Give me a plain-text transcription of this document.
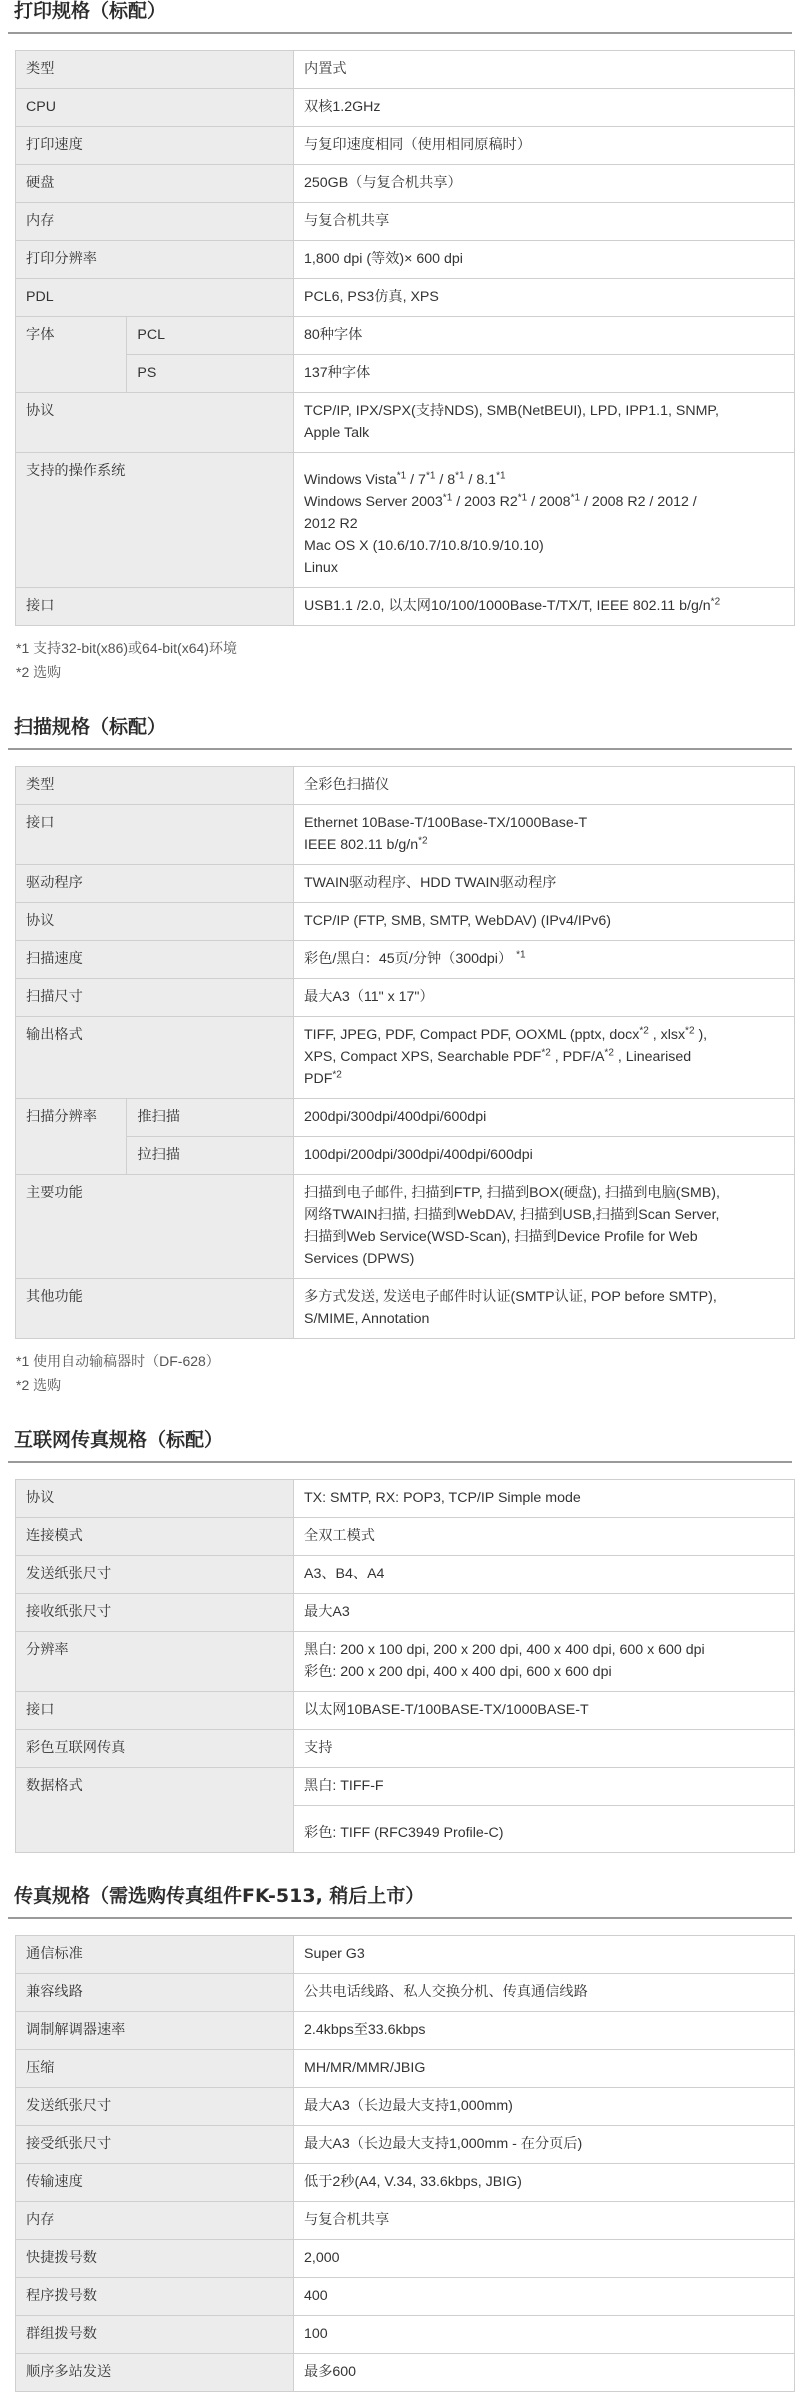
打印规格（标配）
类型		内置式
CPU		双核1.2GHz
打印速度		与复印速度相同（使用相同原稿时）
硬盘		250GB（与复合机共享）
内存		与复合机共享
打印分辨率		1,800 dpi (等效)× 600 dpi
PDL		PCL6, PS3仿真, XPS
字体	PCL	80种字体
	PS	137种字体
协议		TCP/IP, IPX/SPX(支持NDS), SMB(NetBEUI), LPD, IPP1.1, SNMP,
Apple Talk
支持的操作系统		Windows Vista$^{*1}$ / 7$^{*1}$ / 8$^{*1}$ / 8.1$^{*1}$
Windows Server 2003$^{*1}$ / 2003 R2$^{*1}$ / 2008$^{*1}$ / 2008 R2 / 2012 /
2012 R2
Mac OS X (10.6/10.7/10.8/10.9/10.10)
Linux
接口		USB1.1 /2.0, 以太网10/100/1000Base-T/TX/T, IEEE 802.11 $b/g/n^{*2}$
*1 支持32-bit(x86)或64-bit(x64)环境
*2 选购
扫描规格（标配）
类型		全彩色扫描仪
接口		Ethernet 10Base-T/100Base-TX/1000Base-T
IEEE 802.11 $b/g/n^{*2}$
驱动程序		TWAIN驱动程序、HDD TWAIN驱动程序
协议		TCP/IP (FTP, SMB, SMTP, WebDAV) (IPv4/IPv6)
扫描速度		彩色/黑白：45页/分钟（300dpi） $^{*1}$
扫描尺寸		最大A3（11" x 17"）
输出格式		TIFF, JPEG, PDF, Compact PDF, OOXML (pptx, docx$^{*2}$ , xlsx$^{*2}$ ),
XPS, Compact XPS, Searchable PDF$^{*2}$ , PDF/$A^{*2}$ , Linearised
PDF$^{*2}$
扫描分辨率	推扫描	200dpi/300dpi/400dpi/600dpi
	拉扫描	100dpi/200dpi/300dpi/400dpi/600dpi
主要功能		扫描到电子邮件, 扫描到FTP, 扫描到BOX(硬盘), 扫描到电脑(SMB),
网络TWAIN扫描, 扫描到WebDAV, 扫描到USB,扫描到Scan Server,
扫描到Web Service(WSD-Scan), 扫描到Device Profile for Web
Services (DPWS)
其他功能		多方式发送, 发送电子邮件时认证(SMTP认证, POP before SMTP),
S/MIME, Annotation
*1 使用自动输稿器时（DF-628）
*2 选购
互联网传真规格（标配）
协议	TX: SMTP, RX: POP3, TCP/IP Simple mode
连接模式	全双工模式
发送纸张尺寸	A3、B4、A4
接收纸张尺寸	最大A3
分辨率	黑白: 200 x 100 dpi, 200 x 200 dpi, 400 x 400 dpi, 600 x 600 dpi
彩色: 200 x 200 dpi, 400 x 400 dpi, 600 x 600 dpi
接口	以太网10BASE-T/100BASE-TX/1000BASE-T
彩色互联网传真	支持
数据格式	黑白: TIFF-F
	彩色: TIFF (RFC3949 Profile-C)
传真规格（需选购传真组件FK-513, 稍后上市）
通信标准	Super G3
兼容线路	公共电话线路、私人交换分机、传真通信线路
调制解调器速率	2.4kbps至33.6kbps
压缩	MH/MR/MMR/JBIG
发送纸张尺寸	最大A3（长边最大支持1,000mm)
接受纸张尺寸	最大A3（长边最大支持1,000mm - 在分页后)
传输速度	低于2秒(A4, V.34, 33.6kbps, JBIG)
内存	与复合机共享
快捷拨号数	2,000
程序拨号数	400
群组拨号数	100
顺序多站发送	最多600
